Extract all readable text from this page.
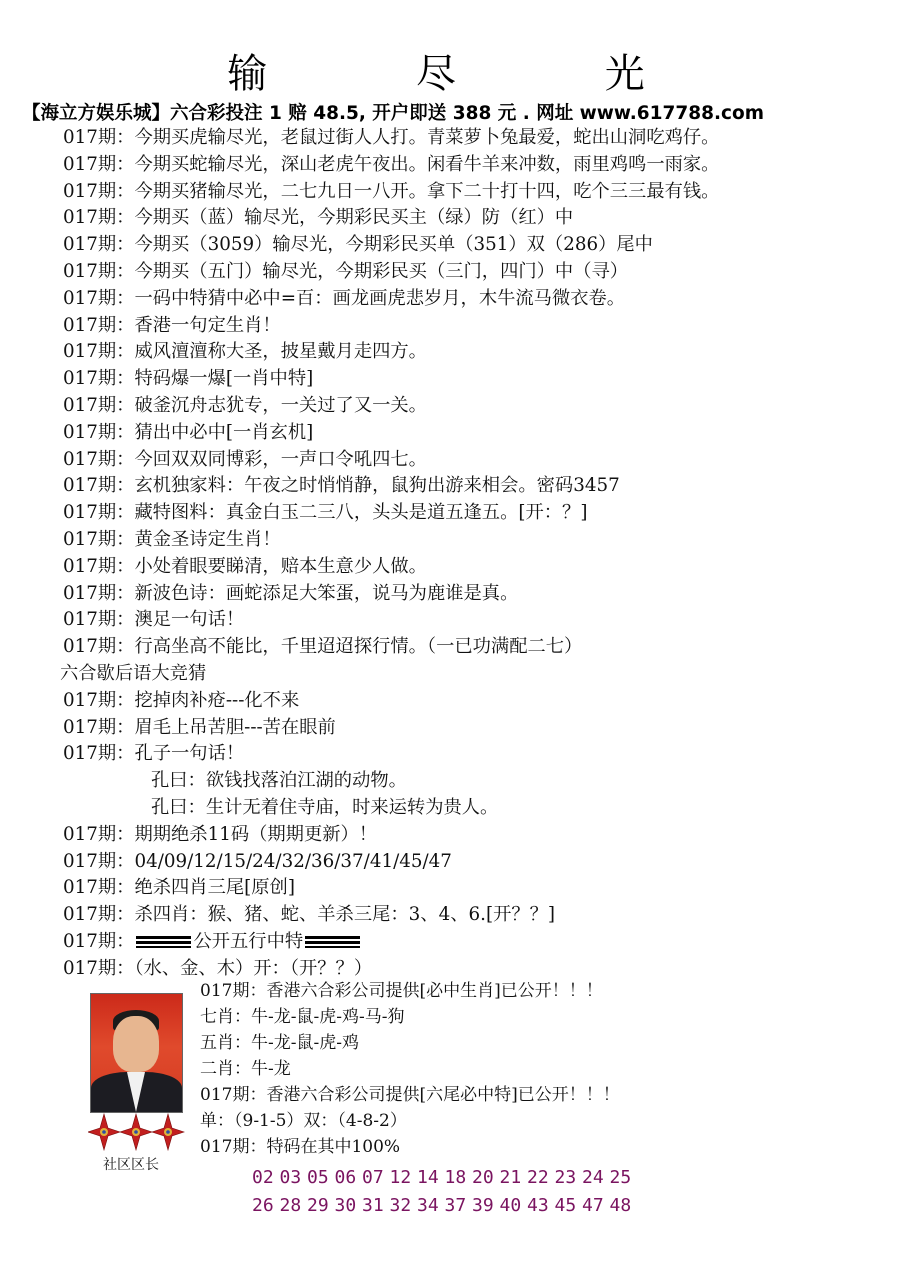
输 尽 光
【海立方娱乐城】六合彩投注 1 赔 48.5, 开户即送 388 元 . 网址 www.617788.com
017期：今期买虎输尽光，老鼠过街人人打。青菜萝卜兔最爱，蛇出山洞吃鸡仔。
017期：今期买蛇输尽光，深山老虎午夜出。闲看牛羊来冲数，雨里鸡鸣一雨家。
017期：今期买猪输尽光，二七九日一八开。拿下二十打十四，吃个三三最有钱。
017期：今期买（蓝）输尽光，今期彩民买主（绿）防（红）中
017期：今期买（3059）输尽光，今期彩民买单（351）双（286）尾中
017期：今期买（五门）输尽光，今期彩民买（三门，四门）中（寻）
017期：一码中特猜中必中=百：画龙画虎悲岁月，木牛流马微衣卷。
017期：香港一句定生肖！
017期：威风澶澶称大圣，披星戴月走四方。
017期：特码爆一爆[一肖中特]
017期：破釜沉舟志犹专，一关过了又一关。
017期：猜出中必中[一肖玄机]
017期：今回双双同博彩，一声口令吼四七。
017期：玄机独家料：午夜之时悄悄静，鼠狗出游来相会。密码3457
017期：藏特图料：真金白玉二三八，头头是道五逢五。[开：？]
017期：黄金圣诗定生肖！
017期：小处着眼要睇清，赔本生意少人做。
017期：新波色诗：画蛇添足大笨蛋，说马为鹿谁是真。
017期：澳足一句话！
017期：行高坐高不能比，千里迢迢探行情。（一已功满配二七）
六合歇后语大竞猜
017期：挖掉肉补疮---化不来
017期：眉毛上吊苦胆---苦在眼前
017期：孔子一句话！
孔曰：欲钱找落泊江湖的动物。
孔曰：生计无着住寺庙，时来运转为贵人。
017期：期期绝杀11码（期期更新）！
017期：04/09/12/15/24/32/36/37/41/45/47
017期：绝杀四肖三尾[原创]
017期：杀四肖：猴、猪、蛇、羊杀三尾：3、4、6.[开？？]
017期：	公开五行中特
017期：（水、金、木）开：（开？？）
社区区长
017期：香港六合彩公司提供[必中生肖]已公开！！！
七肖：牛-龙-鼠-虎-鸡-马-狗
五肖：牛-龙-鼠-虎-鸡
二肖：牛-龙
017期：香港六合彩公司提供[六尾必中特]已公开！！！
单：（9-1-5）双：（4-8-2）
017期：特码在其中100%
02 03 05 06 07 12 14 18 20 21 22 23 24 25
26 28 29 30 31 32 34 37 39 40 43 45 47 48
